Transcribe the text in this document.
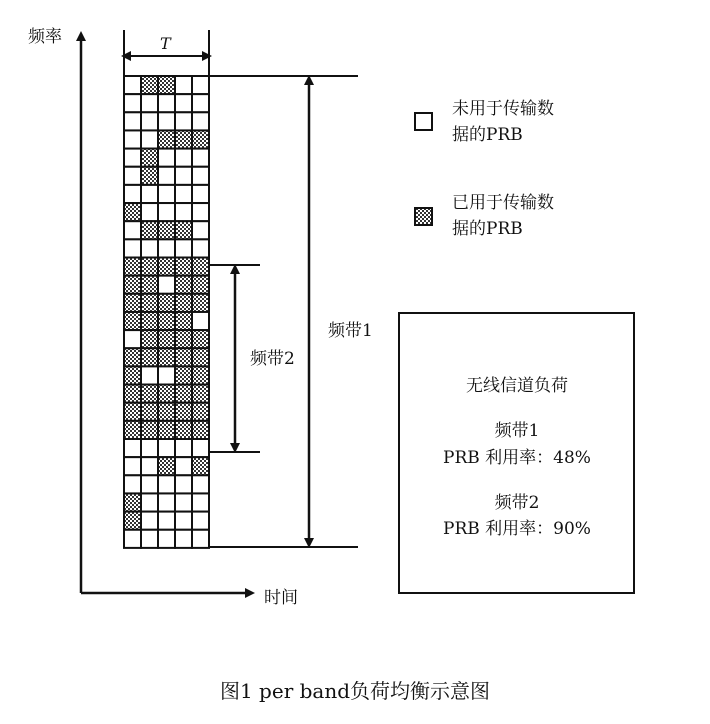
频率
时间
T
频带2
频带1
未用于传输数
据的PRB
已用于传输数
据的PRB
无线信道负荷
频带1
PRB 利用率：48%
频带2
PRB 利用率：90%
图1 per band负荷均衡示意图
